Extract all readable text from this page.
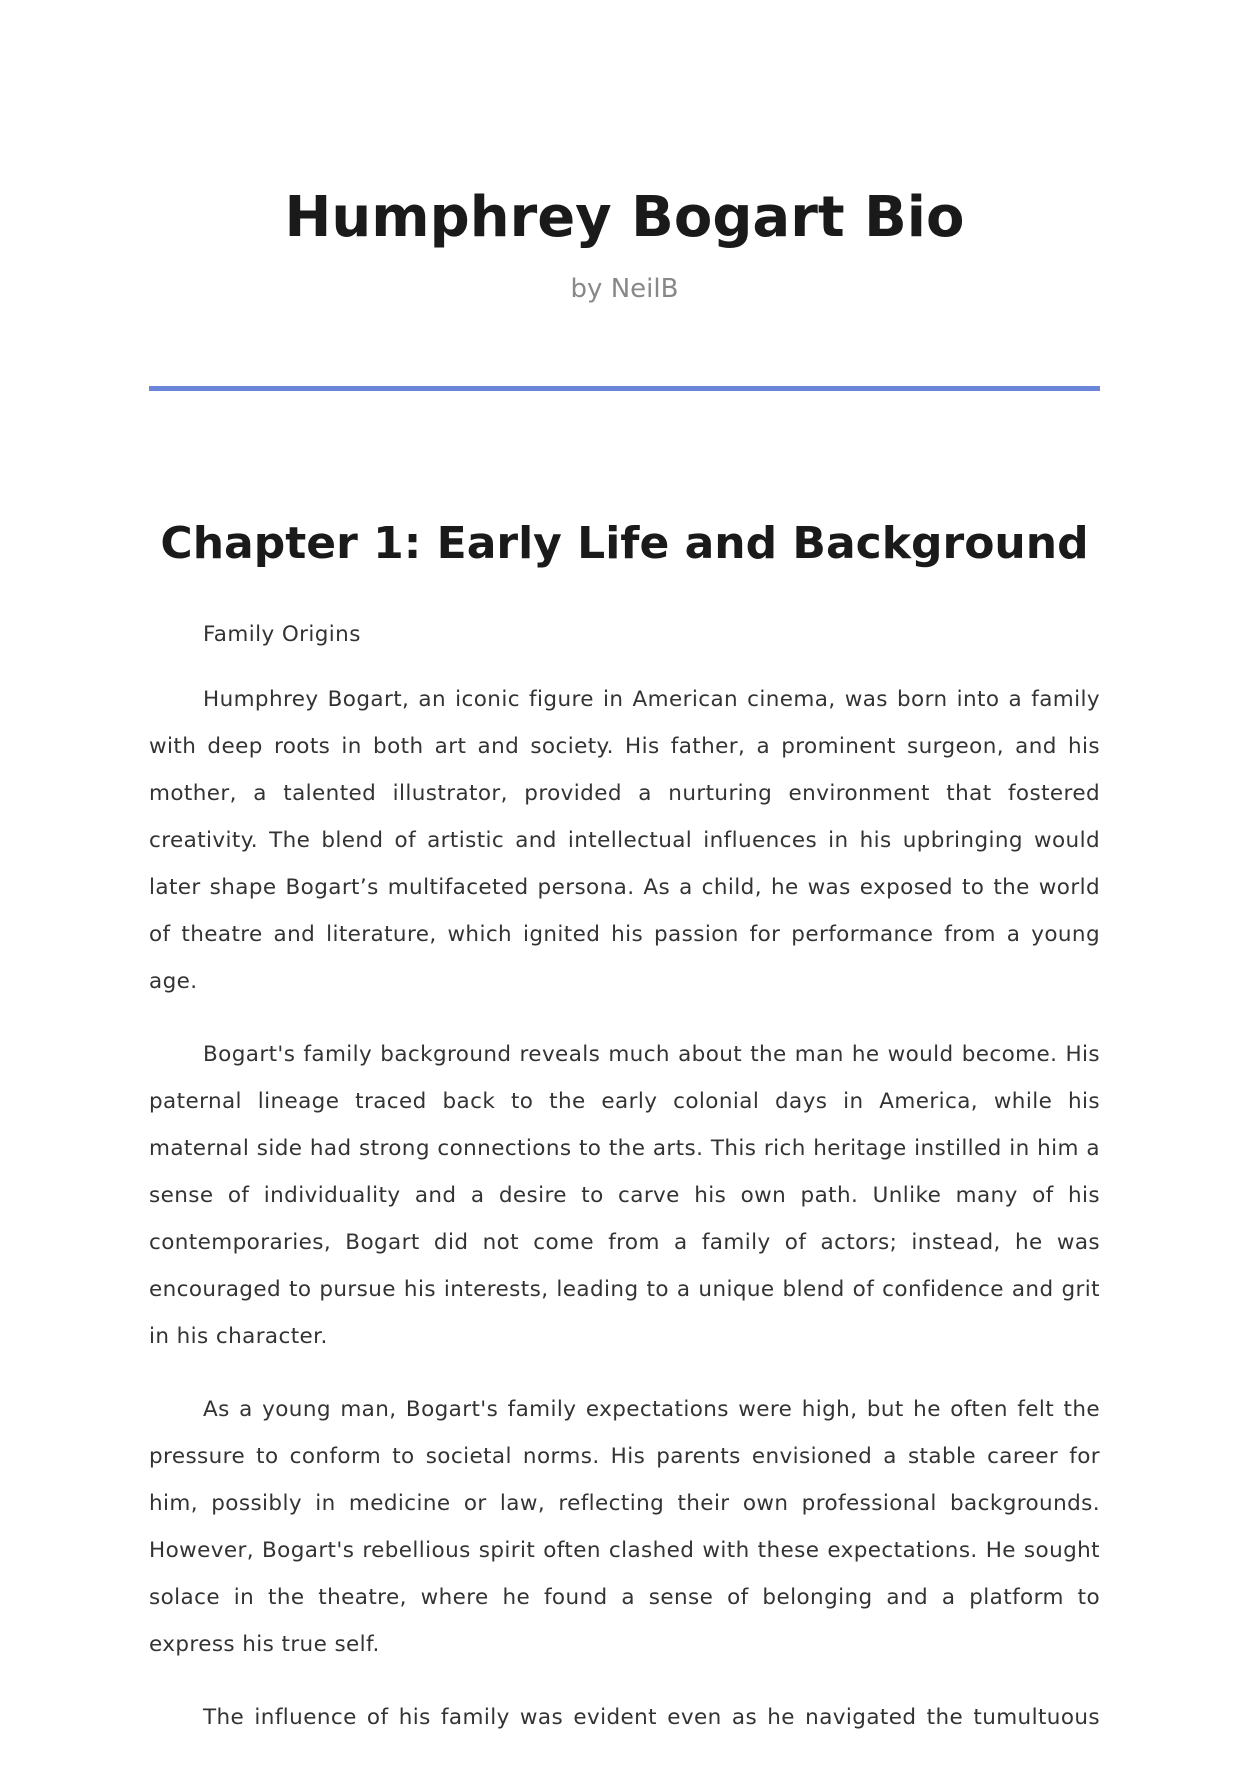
Humphrey Bogart Bio
by NeilB
Chapter 1: Early Life and Background

Family Origins

Humphrey Bogart, an iconic figure in American cinema, was born into a family with deep roots in both art and society. His father, a prominent surgeon, and his mother, a talented illustrator, provided a nurturing environment that fostered creativity. The blend of artistic and intellectual influences in his upbringing would later shape Bogart’s multifaceted persona. As a child, he was exposed to the world of theatre and literature, which ignited his passion for performance from a young age.

Bogart's family background reveals much about the man he would become. His paternal lineage traced back to the early colonial days in America, while his maternal side had strong connections to the arts. This rich heritage instilled in him a sense of individuality and a desire to carve his own path. Unlike many of his contemporaries, Bogart did not come from a family of actors; instead, he was encouraged to pursue his interests, leading to a unique blend of confidence and grit in his character.

As a young man, Bogart's family expectations were high, but he often felt the pressure to conform to societal norms. His parents envisioned a stable career for him, possibly in medicine or law, reflecting their own professional backgrounds. However, Bogart's rebellious spirit often clashed with these expectations. He sought solace in the theatre, where he found a sense of belonging and a platform to express his true self.

The influence of his family was evident even as he navigated the tumultuous
